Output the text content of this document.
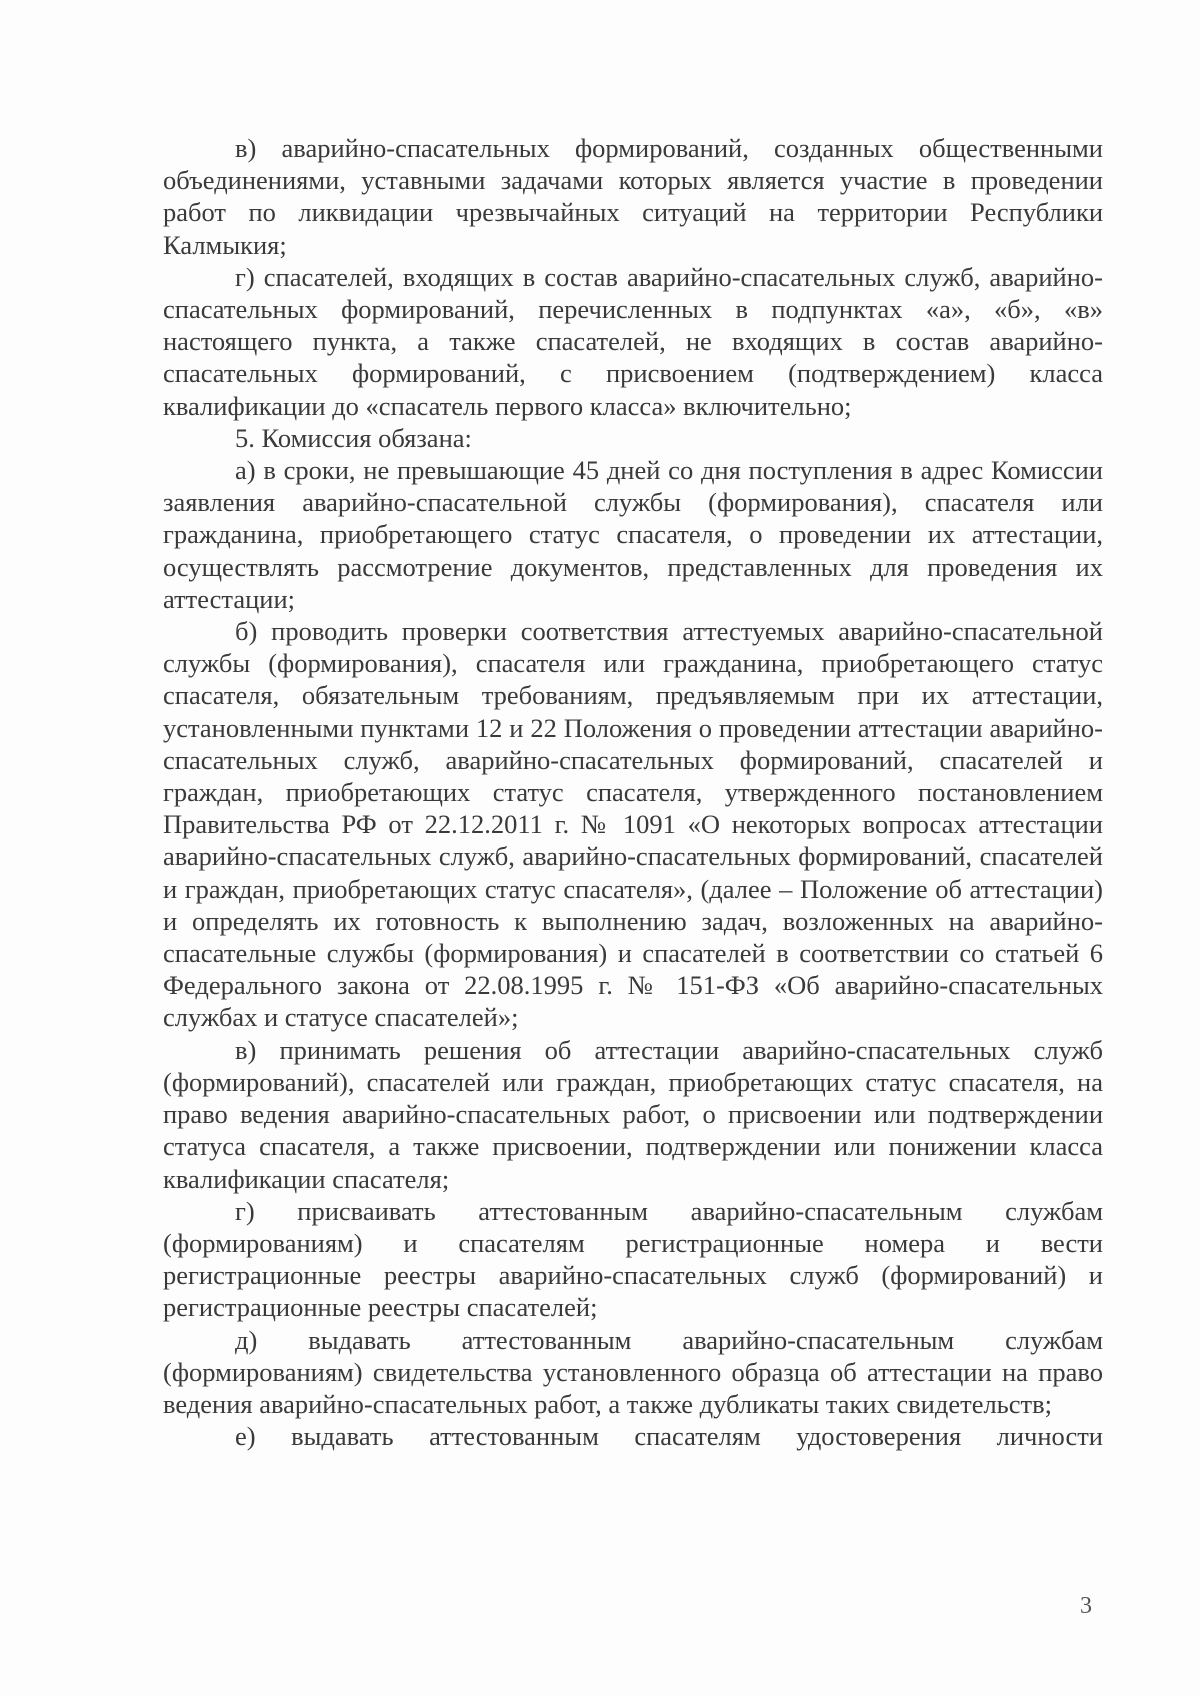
в) аварийно-спасательных формирований, созданных общественными объединениями, уставными задачами которых является участие в проведении работ по ликвидации чрезвычайных ситуаций на территории Республики Калмыкия;

г) спасателей, входящих в состав аварийно-спасательных служб, аварийно-спасательных формирований, перечисленных в подпунктах «а», «б», «в» настоящего пункта, а также спасателей, не входящих в состав аварийно-спасательных формирований, с присвоением (подтверждением) класса квалификации до «спасатель первого класса» включительно;

5. Комиссия обязана:

а) в сроки, не превышающие 45 дней со дня поступления в адрес Комиссии заявления аварийно-спасательной службы (формирования), спасателя или гражданина, приобретающего статус спасателя, о проведении их аттестации, осуществлять рассмотрение документов, представленных для проведения их аттестации;

б) проводить проверки соответствия аттестуемых аварийно-спасательной службы (формирования), спасателя или гражданина, приобретающего статус спасателя, обязательным требованиям, предъявляемым при их аттестации, установленными пунктами 12 и 22 Положения о проведении аттестации аварийно-спасательных служб, аварийно-спасательных формирований, спасателей и граждан, приобретающих статус спасателя, утвержденного постановлением Правительства РФ от 22.12.2011 г. № 1091 «О некоторых вопросах аттестации аварийно-спасательных служб, аварийно-спасательных формирований, спасателей и граждан, приобретающих статус спасателя», (далее – Положение об аттестации) и определять их готовность к выполнению задач, возложенных на аварийно-спасательные службы (формирования) и спасателей в соответствии со статьей 6 Федерального закона от 22.08.1995 г. № 151-ФЗ «Об аварийно-спасательных службах и статусе спасателей»;

в) принимать решения об аттестации аварийно-спасательных служб (формирований), спасателей или граждан, приобретающих статус спасателя, на право ведения аварийно-спасательных работ, о присвоении или подтверждении статуса спасателя, а также присвоении, подтверждении или понижении класса квалификации спасателя;

г) присваивать аттестованным аварийно-спасательным службам (формированиям) и спасателям регистрационные номера и вести регистрационные реестры аварийно-спасательных служб (формирований) и регистрационные реестры спасателей;

д) выдавать аттестованным аварийно-спасательным службам (формированиям) свидетельства установленного образца об аттестации на право ведения аварийно-спасательных работ, а также дубликаты таких свидетельств;

е) выдавать аттестованным спасателям удостоверения личности

3
